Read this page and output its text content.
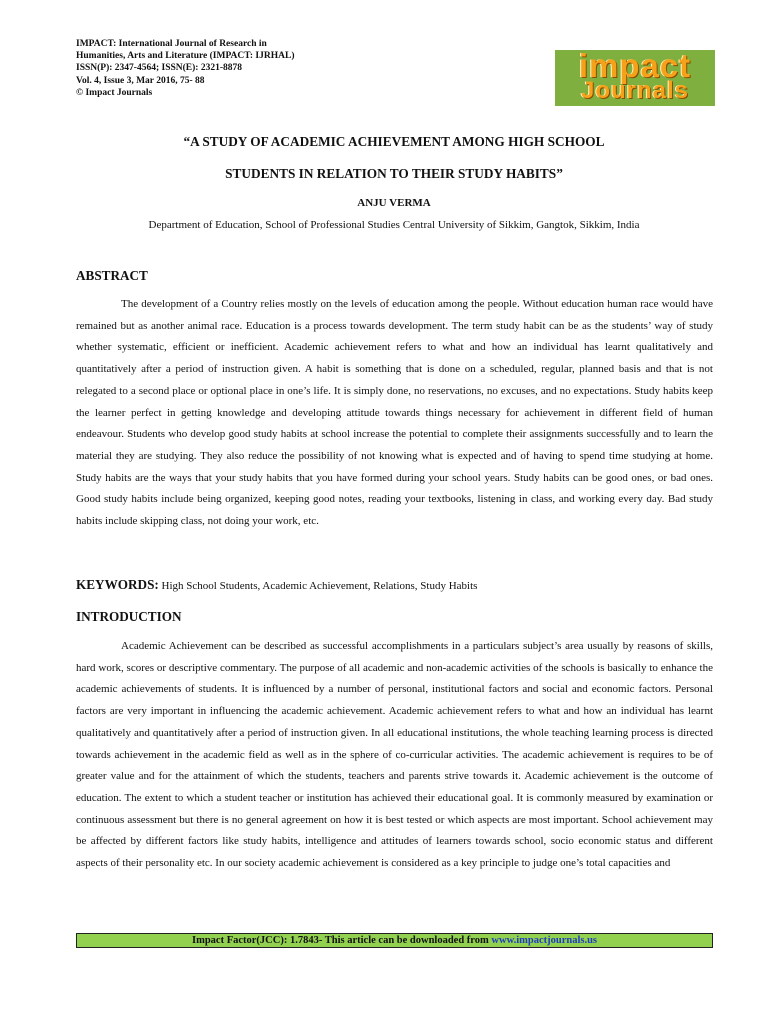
IMPACT: International Journal of Research in
Humanities, Arts and Literature (IMPACT: IJRHAL)
ISSN(P): 2347-4564; ISSN(E): 2321-8878
Vol. 4, Issue 3, Mar 2016, 75- 88
© Impact Journals
impact
Journals
“A STUDY OF ACADEMIC ACHIEVEMENT AMONG HIGH SCHOOL
STUDENTS IN RELATION TO THEIR STUDY HABITS”
ANJU VERMA
Department of Education, School of Professional Studies Central University of Sikkim, Gangtok, Sikkim, India
ABSTRACT

The development of a Country relies mostly on the levels of education among the people. Without education human race would have remained but as another animal race. Education is a process towards development. The term study habit can be as the students’ way of study whether systematic, efficient or inefficient. Academic achievement refers to what and how an individual has learnt qualitatively and quantitatively after a period of instruction given. A habit is something that is done on a scheduled, regular, planned basis and that is not relegated to a second place or optional place in one’s life. It is simply done, no reservations, no excuses, and no expectations. Study habits keep the learner perfect in getting knowledge and developing attitude towards things necessary for achievement in different field of human endeavour. Students who develop good study habits at school increase the potential to complete their assignments successfully and to learn the material they are studying. They also reduce the possibility of not knowing what is expected and of having to spend time studying at home. Study habits are the ways that your study habits that you have formed during your school years. Study habits can be good ones, or bad ones. Good study habits include being organized, keeping good notes, reading your textbooks, listening in class, and working every day. Bad study habits include skipping class, not doing your work, etc.

KEYWORDS: High School Students, Academic Achievement, Relations, Study Habits
INTRODUCTION

Academic Achievement can be described as successful accomplishments in a particulars subject’s area usually by reasons of skills, hard work, scores or descriptive commentary. The purpose of all academic and non-academic activities of the schools is basically to enhance the academic achievements of students. It is influenced by a number of personal, institutional factors and social and economic factors. Personal factors are very important in influencing the academic achievement. Academic achievement refers to what and how an individual has learnt qualitatively and quantitatively after a period of instruction given. In all educational institutions, the whole teaching learning process is directed towards achievement in the academic field as well as in the sphere of co-curricular activities. The academic achievement is requires to be of greater value and for the attainment of which the students, teachers and parents strive towards it. Academic achievement is the outcome of education. The extent to which a student teacher or institution has achieved their educational goal. It is commonly measured by examination or continuous assessment but there is no general agreement on how it is best tested or which aspects are most important. School achievement may be affected by different factors like study habits, intelligence and attitudes of learners towards school, socio economic status and different aspects of their personality etc. In our society academic achievement is considered as a key principle to judge one’s total capacities and

Impact Factor(JCC): 1.7843- This article can be downloaded from www.impactjournals.us
